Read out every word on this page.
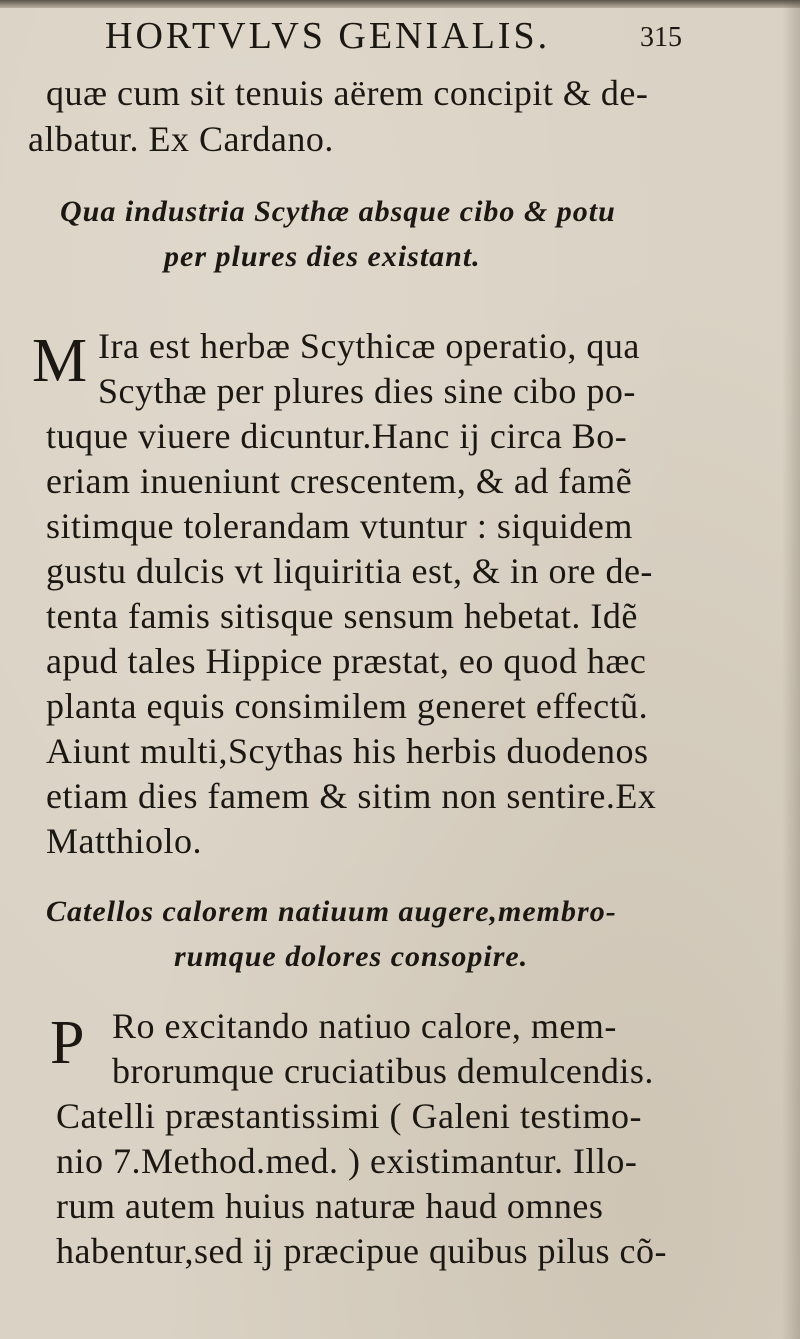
HORTVLVS GENIALIS.	315
quæ cum sit tenuis aërem concipit & de-
albatur. Ex Cardano.
Qua industria Scythæ absque cibo & potu
per plures dies existant.
M Ira est herbæ Scythicæ operatio, qua
Scythæ per plures dies sine cibo po-
tuque viuere dicuntur.Hanc ij circa Bo-
eriam inueniunt crescentem, & ad famẽ
sitimque tolerandam vtuntur : siquidem
gustu dulcis vt liquiritia est, & in ore de-
tenta famis sitisque sensum hebetat. Idẽ
apud tales Hippice præstat, eo quod hæc
planta equis consimilem generet effectũ.
Aiunt multi,Scythas his herbis duodenos
etiam dies famem & sitim non sentire.Ex
Matthiolo.
Catellos calorem natiuum augere,membro-
rumque dolores consopire.
P Ro excitando natiuo calore, mem-
brorumque cruciatibus demulcendis.
Catelli præstantissimi ( Galeni testimo-
nio 7.Method.med. ) existimantur. Illo-
rum autem huius naturæ haud omnes
habentur,sed ij præcipue quibus pilus cõ-
